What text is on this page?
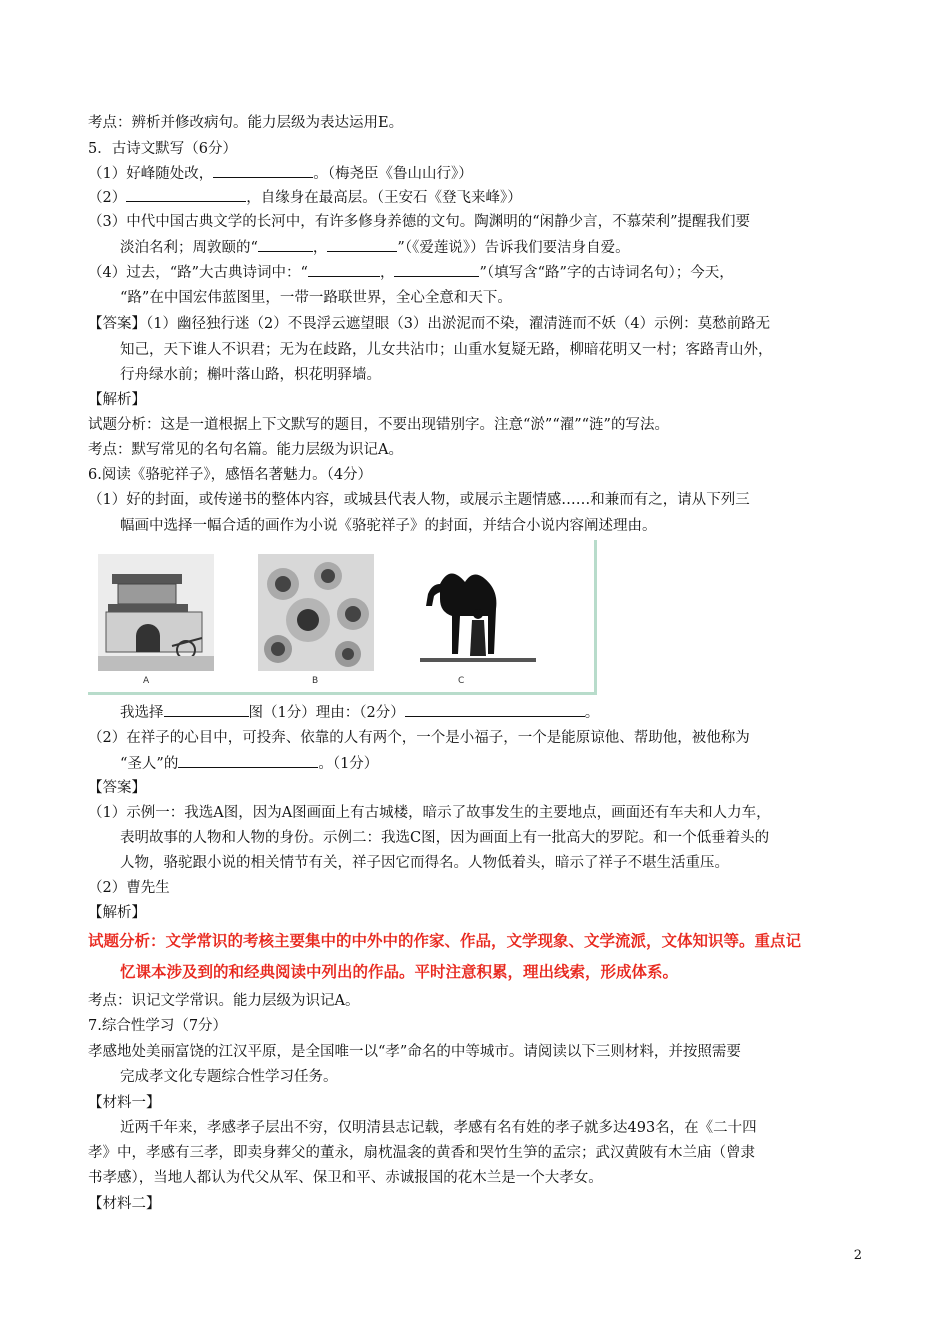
考点：辨析并修改病句。能力层级为表达运用E。
5．古诗文默写（6分）
（1）好峰随处改，	。（梅尧臣《鲁山山行》）
（2）	，自缘身在最高层。（王安石《登飞来峰》）
（3）中代中国古典文学的长河中，有许多修身养德的文句。陶渊明的“闲静少言，不慕荣利”提醒我们要
淡泊名利；周敦颐的“	，	”（《爱莲说》）告诉我们要洁身自爱。
（4）过去，“路”大古典诗词中：“	，	”（填写含“路”字的古诗词名句）；今天，
“路”在中国宏伟蓝图里，一带一路联世界，全心全意和天下。
【答案】（1）幽径独行迷（2）不畏浮云遮望眼（3）出淤泥而不染，濯清涟而不妖（4）示例：莫愁前路无
知己，天下谁人不识君；无为在歧路，儿女共沾巾；山重水复疑无路，柳暗花明又一村；客路青山外，
行舟绿水前；槲叶落山路，枳花明驿墙。
【解析】
试题分析：这是一道根据上下文默写的题目，不要出现错别字。注意“淤”“濯”“涟”的写法。
考点：默写常见的名句名篇。能力层级为识记A。
6.阅读《骆驼祥子》，感悟名著魅力。（4分）
（1）好的封面，或传递书的整体内容，或城县代表人物，或展示主题情感……和兼而有之，请从下列三
幅画中选择一幅合适的画作为小说《骆驼祥子》的封面，并结合小说内容阐述理由。
A	B	C
我选择	图（1分）理由：（2分）	。
（2）在祥子的心目中，可投奔、依靠的人有两个，一个是小福子，一个是能原谅他、帮助他，被他称为
“圣人”的	。（1分）
【答案】
（1）示例一：我选A图，因为A图画面上有古城楼，暗示了故事发生的主要地点，画面还有车夫和人力车，
表明故事的人物和人物的身份。示例二：我选C图，因为画面上有一批高大的罗陀。和一个低垂着头的
人物，骆驼跟小说的相关情节有关，祥子因它而得名。人物低着头，暗示了祥子不堪生活重压。
（2）曹先生
【解析】
试题分析：文学常识的考核主要集中的中外中的作家、作品，文学现象、文学流派，文体知识等。重点记
忆课本涉及到的和经典阅读中列出的作品。平时注意积累，理出线索，形成体系。
考点：识记文学常识。能力层级为识记A。
7.综合性学习（7分）
孝感地处美丽富饶的江汉平原，是全国唯一以“孝”命名的中等城市。请阅读以下三则材料，并按照需要
完成孝文化专题综合性学习任务。
【材料一】
近两千年来，孝感孝子层出不穷，仅明清县志记载，孝感有名有姓的孝子就多达493名，在《二十四
孝》中，孝感有三孝，即卖身葬父的董永，扇枕温衾的黄香和哭竹生笋的孟宗；武汉黄陂有木兰庙（曾隶
书孝感），当地人都认为代父从军、保卫和平、赤诚报国的花木兰是一个大孝女。
【材料二】
2
